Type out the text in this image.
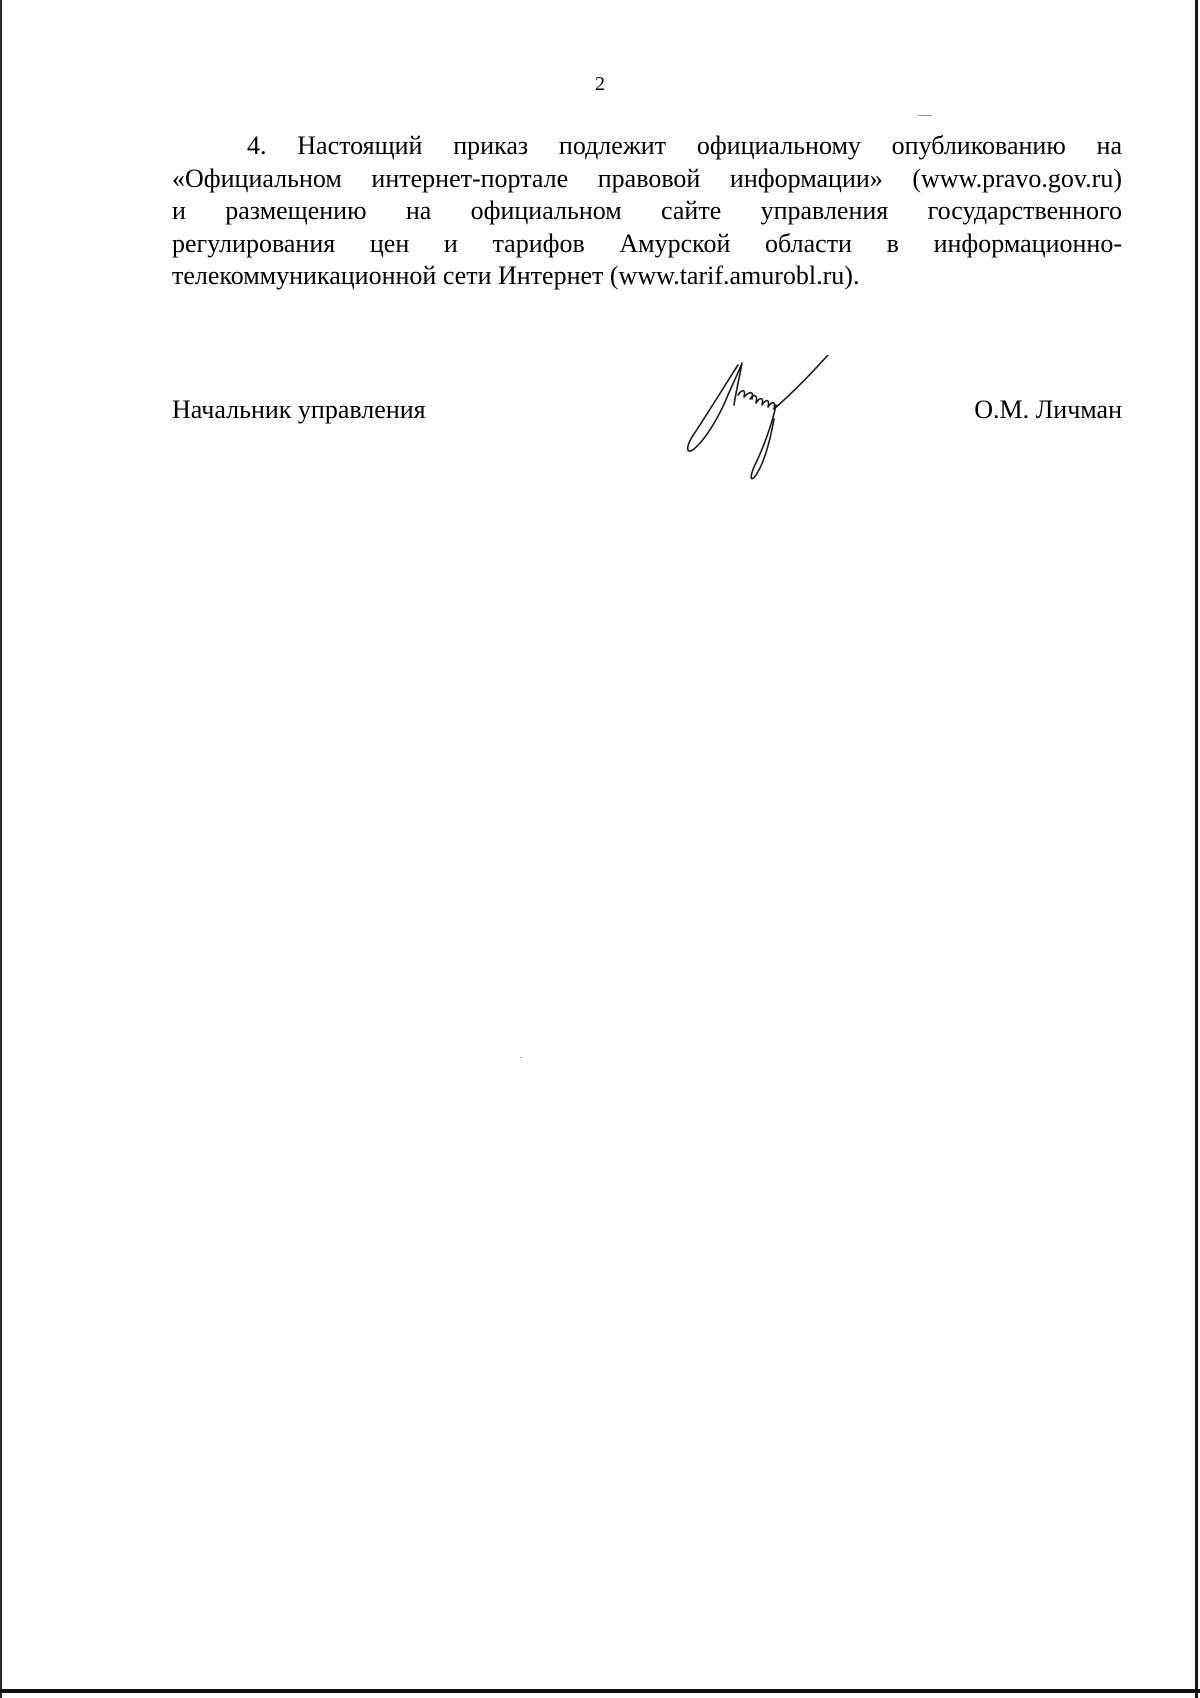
2
4. Настоящий приказ подлежит официальному опубликованию на
«Официальном интернет-портале правовой информации» (www.pravo.gov.ru)
и размещению на официальном сайте управления государственного
регулирования цен и тарифов Амурской области в информационно-
телекоммуникационной сети Интернет (www.tarif.amurobl.ru).
Начальник управления	О.М. Личман
